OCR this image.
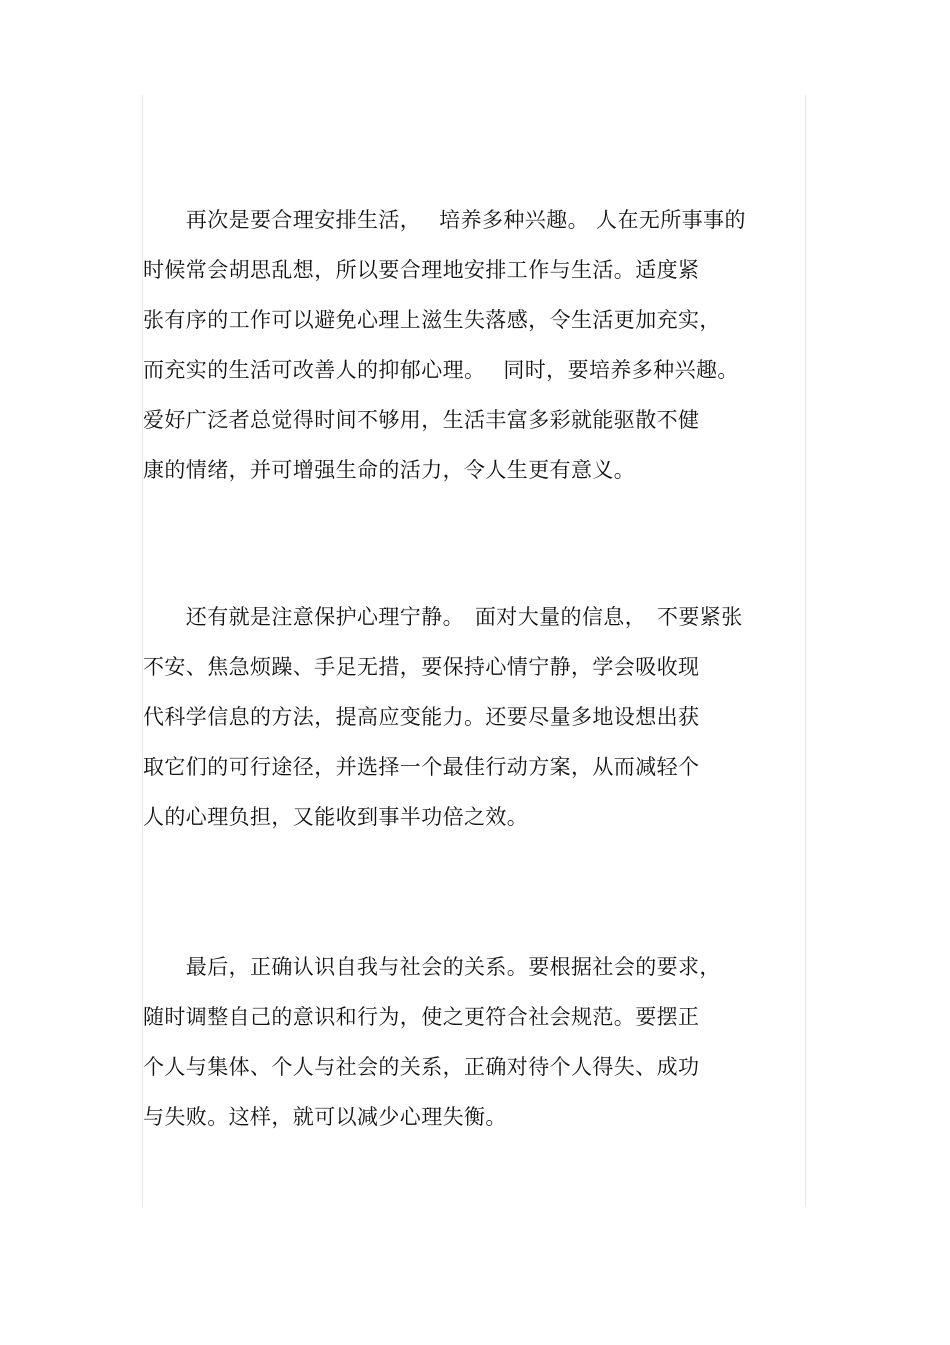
　　再次是要合理安排生活，　 培养多种兴趣。 人在无所事事的
时候常会胡思乱想，所以要合理地安排工作与生活。适度紧
张有序的工作可以避免心理上滋生失落感，令生活更加充实，
而充实的生活可改善人的抑郁心理。　 同时，要培养多种兴趣。
爱好广泛者总觉得时间不够用，生活丰富多彩就能驱散不健
康的情绪，并可增强生命的活力，令人生更有意义。
　　还有就是注意保护心理宁静。　面对大量的信息，　不要紧张
不安、焦急烦躁、手足无措，要保持心情宁静，学会吸收现
代科学信息的方法，提高应变能力。还要尽量多地设想出获
取它们的可行途径，并选择一个最佳行动方案，从而减轻个
人的心理负担，又能收到事半功倍之效。
　　最后，正确认识自我与社会的关系。要根据社会的要求，
随时调整自己的意识和行为，使之更符合社会规范。要摆正
个人与集体、个人与社会的关系，正确对待个人得失、成功
与失败。这样，就可以减少心理失衡。
